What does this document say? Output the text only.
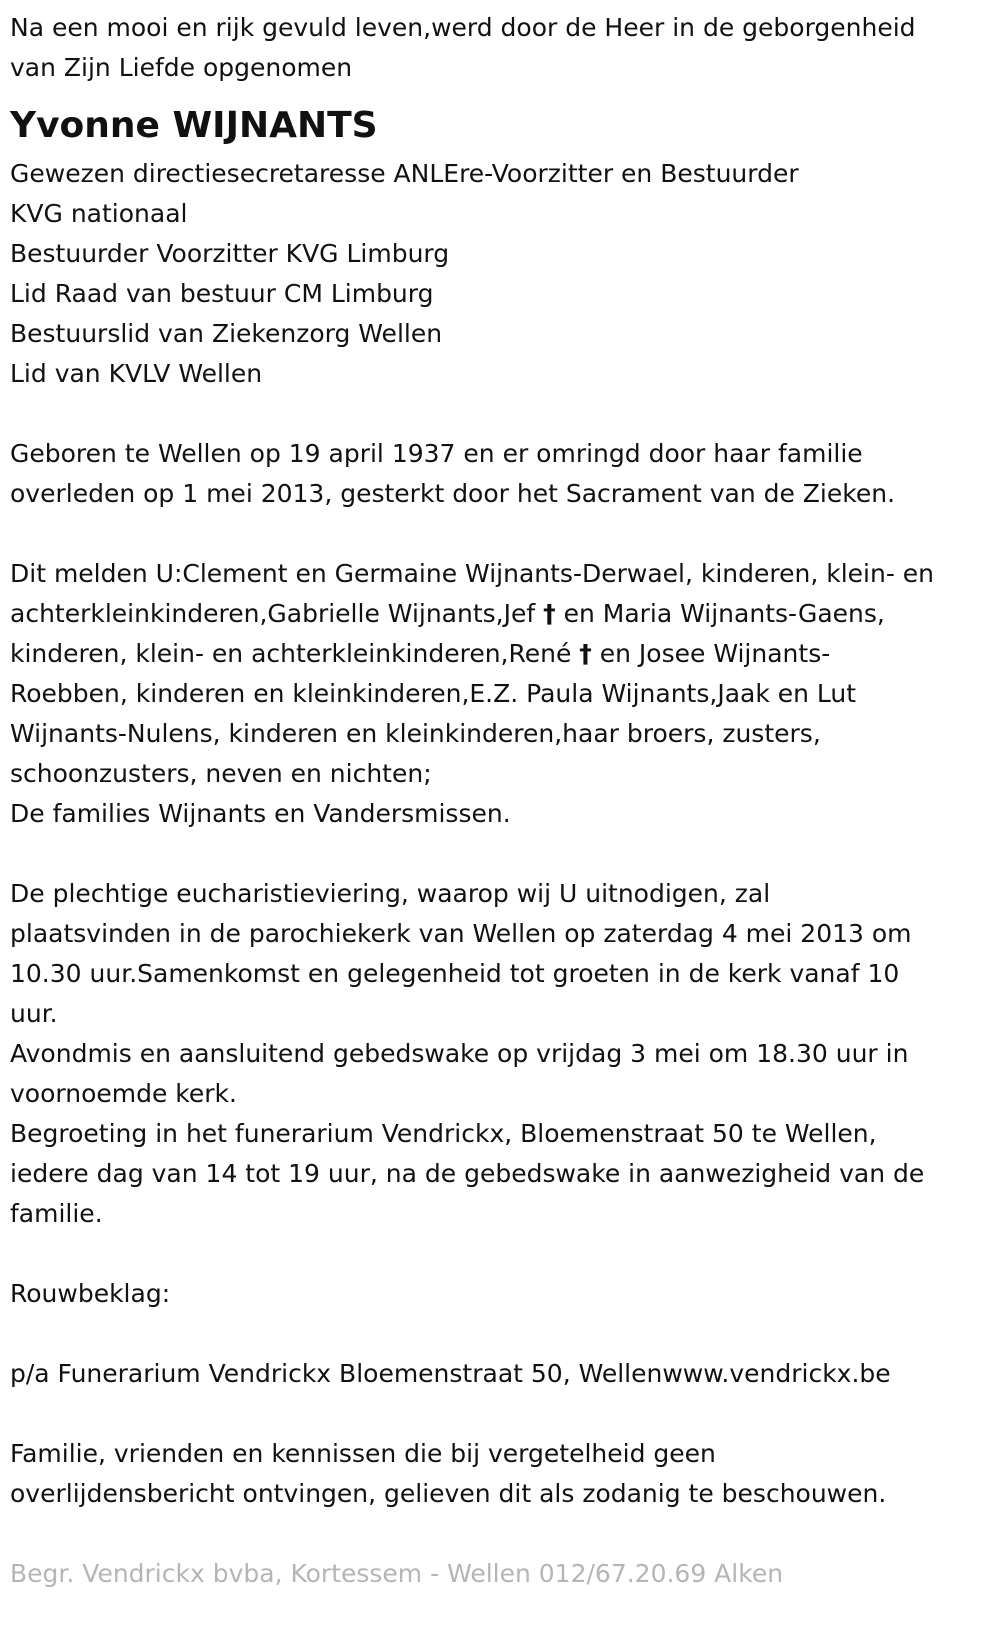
Na een mooi en rijk gevuld leven,werd door de Heer in de geborgenheid
van Zijn Liefde opgenomen

Yvonne WIJNANTS

Gewezen directiesecretaresse ANLEre-Voorzitter en Bestuurder
KVG nationaal
Bestuurder Voorzitter KVG Limburg
Lid Raad van bestuur CM Limburg
Bestuurslid van Ziekenzorg Wellen
Lid van KVLV Wellen

Geboren te Wellen op 19 april 1937 en er omringd door haar familie
overleden op 1 mei 2013, gesterkt door het Sacrament van de Zieken.

Dit melden U:Clement en Germaine Wijnants-Derwael, kinderen, klein- en
achterkleinkinderen,Gabrielle Wijnants,Jef † en Maria Wijnants-Gaens,
kinderen, klein- en achterkleinkinderen,René † en Josee Wijnants-
Roebben, kinderen en kleinkinderen,E.Z. Paula Wijnants,Jaak en Lut
Wijnants-Nulens, kinderen en kleinkinderen,haar broers, zusters,
schoonzusters, neven en nichten;
De families Wijnants en Vandersmissen.

De plechtige eucharistieviering, waarop wij U uitnodigen, zal
plaatsvinden in de parochiekerk van Wellen op zaterdag 4 mei 2013 om
10.30 uur.Samenkomst en gelegenheid tot groeten in de kerk vanaf 10
uur.
Avondmis en aansluitend gebedswake op vrijdag 3 mei om 18.30 uur in
voornoemde kerk.
Begroeting in het funerarium Vendrickx, Bloemenstraat 50 te Wellen,
iedere dag van 14 tot 19 uur, na de gebedswake in aanwezigheid van de
familie.

Rouwbeklag:

p/a Funerarium Vendrickx Bloemenstraat 50, Wellenwww.vendrickx.be

Familie, vrienden en kennissen die bij vergetelheid geen
overlijdensbericht ontvingen, gelieven dit als zodanig te beschouwen.

Begr. Vendrickx bvba, Kortessem - Wellen 012/67.20.69 Alken
